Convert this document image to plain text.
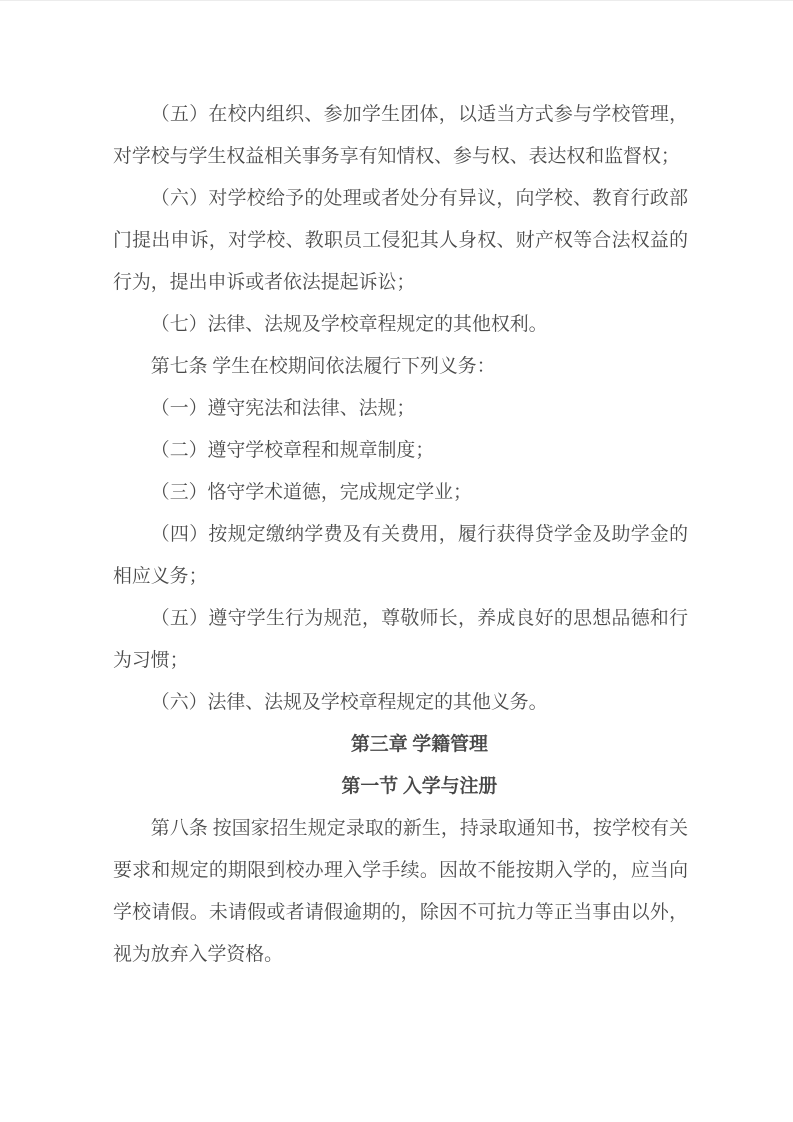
（五）在校内组织、参加学生团体，以适当方式参与学校管理，对学校与学生权益相关事务享有知情权、参与权、表达权和监督权；

（六）对学校给予的处理或者处分有异议，向学校、教育行政部门提出申诉，对学校、教职员工侵犯其人身权、财产权等合法权益的行为，提出申诉或者依法提起诉讼；

（七）法律、法规及学校章程规定的其他权利。

第七条 学生在校期间依法履行下列义务：

（一）遵守宪法和法律、法规；

（二）遵守学校章程和规章制度；

（三）恪守学术道德，完成规定学业；

（四）按规定缴纳学费及有关费用，履行获得贷学金及助学金的相应义务；

（五）遵守学生行为规范，尊敬师长，养成良好的思想品德和行为习惯；

（六）法律、法规及学校章程规定的其他义务。

第三章 学籍管理

第一节 入学与注册

第八条 按国家招生规定录取的新生，持录取通知书，按学校有关要求和规定的期限到校办理入学手续。因故不能按期入学的，应当向学校请假。未请假或者请假逾期的，除因不可抗力等正当事由以外，视为放弃入学资格。
